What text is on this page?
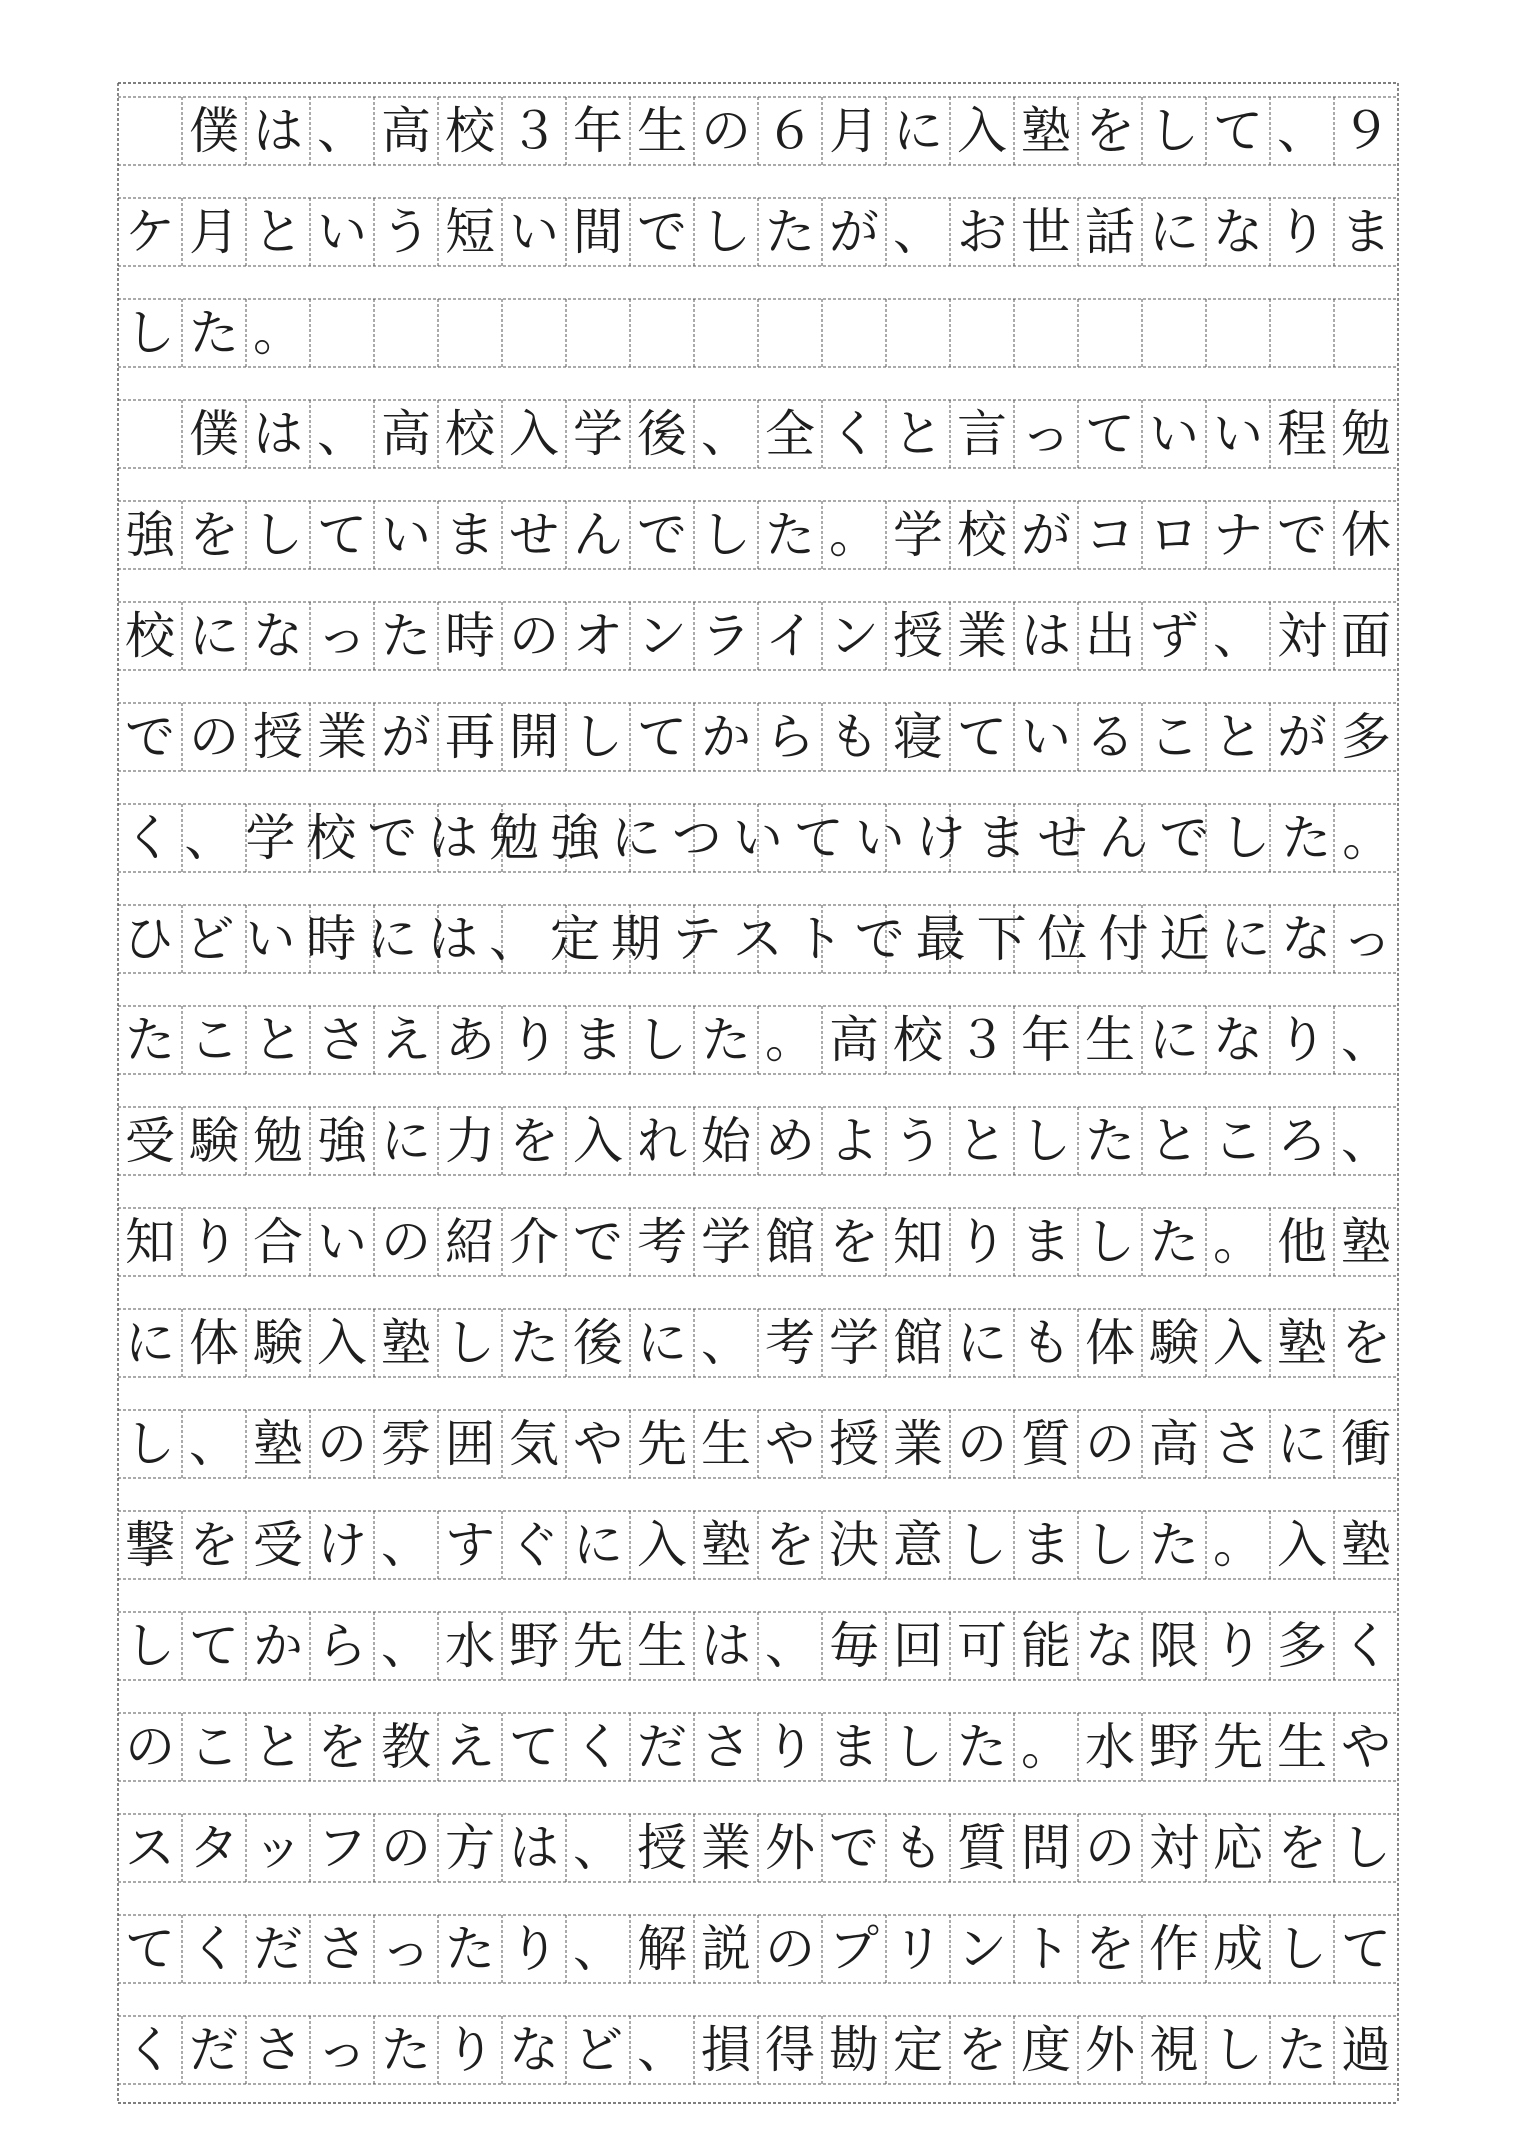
僕 は 、 高 校 ３ 年 生 の ６ 月 に 入 塾 を し て 、 ９
ケ 月 と い う 短 い 間 で し た が 、 お 世 話 に な り ま
し た 。

僕 は 、 高 校 入 学 後 、 全 く と 言 っ て い い 程 勉
強 を し て い ま せ ん で し た 。 学 校 が コ ロ ナ で 休
校 に な っ た 時 の オ ン ラ イ ン 授 業 は 出 ず 、 対 面
で の 授 業 が 再 開 し て か ら も 寝 て い る こ と が 多
く 、 学 校 で は 勉 強 に つ い て い け ま せ ん で し た 。
ひ ど い 時 に は 、 定 期 テ ス ト で 最 下 位 付 近 に な っ
た こ と さ え あ り ま し た 。 高 校 ３ 年 生 に な り 、
受 験 勉 強 に 力 を 入 れ 始 め よ う と し た と こ ろ 、
知 り 合 い の 紹 介 で 考 学 館 を 知 り ま し た 。 他 塾
に 体 験 入 塾 し た 後 に 、 考 学 館 に も 体 験 入 塾 を
し 、 塾 の 雰 囲 気 や 先 生 や 授 業 の 質 の 高 さ に 衝
撃 を 受 け 、 す ぐ に 入 塾 を 決 意 し ま し た 。 入 塾
し て か ら 、 水 野 先 生 は 、 毎 回 可 能 な 限 り 多 く
の こ と を 教 え て く だ さ り ま し た 。 水 野 先 生 や
ス タ ッ フ の 方 は 、 授 業 外 で も 質 問 の 対 応 を し
て く だ さ っ た り 、 解 説 の プ リ ン ト を 作 成 し て
く だ さ っ た り な ど 、 損 得 勘 定 を 度 外 視 し た 過
